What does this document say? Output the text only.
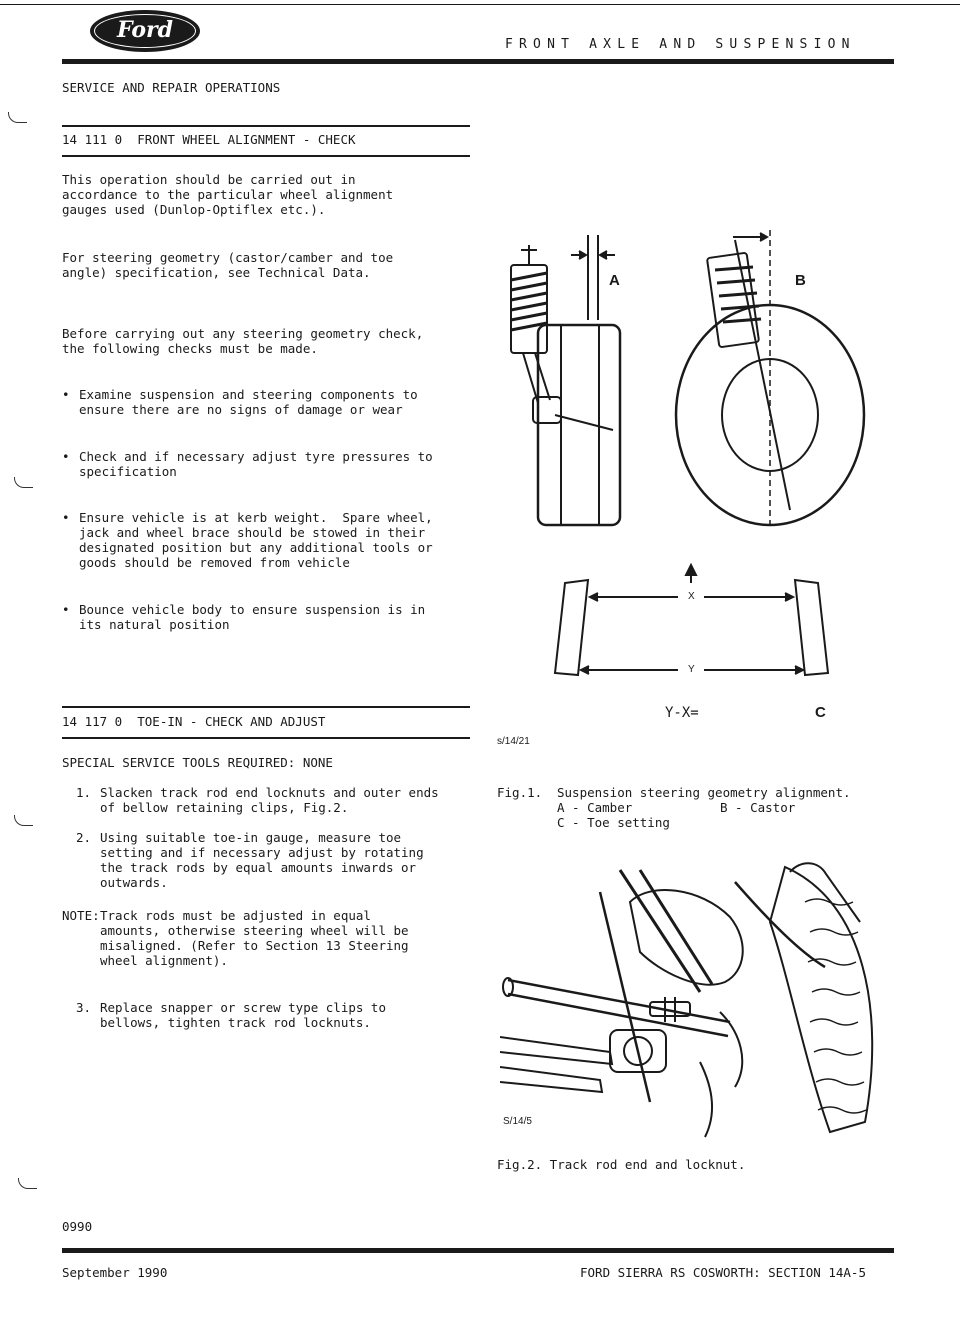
Ford
FRONT AXLE AND SUSPENSION
SERVICE AND REPAIR OPERATIONS
14 111 0  FRONT WHEEL ALIGNMENT - CHECK
This operation should be carried out in
accordance to the particular wheel alignment
gauges used (Dunlop-Optiflex etc.).
For steering geometry (castor/camber and toe
angle) specification, see Technical Data.
Before carrying out any steering geometry check,
the following checks must be made.
• Examine suspension and steering components to
ensure there are no signs of damage or wear
• Check and if necessary adjust tyre pressures to
specification
• Ensure vehicle is at kerb weight.  Spare wheel,
jack and wheel brace should be stowed in their
designated position but any additional tools or
goods should be removed from vehicle
• Bounce vehicle body to ensure suspension is in
its natural position
14 117 0  TOE-IN - CHECK AND ADJUST
SPECIAL SERVICE TOOLS REQUIRED: NONE
1. Slacken track rod end locknuts and outer ends
of bellow retaining clips, Fig.2.
2. Using suitable toe-in gauge, measure toe
setting and if necessary adjust by rotating
the track rods by equal amounts inwards or
outwards.
NOTE: Track rods must be adjusted in equal
amounts, otherwise steering wheel will be
misaligned. (Refer to Section 13 Steering
wheel alignment).
3. Replace snapper or screw type clips to
bellows, tighten track rod locknuts.
A	B
X
Y
Y-X=	C
s/14/21
Fig.1. Suspension steering geometry alignment.
A - Camber	B - Castor
C - Toe setting
S/14/5
Fig.2. Track rod end and locknut.
0990
September 1990	FORD SIERRA RS COSWORTH: SECTION 14A-5
